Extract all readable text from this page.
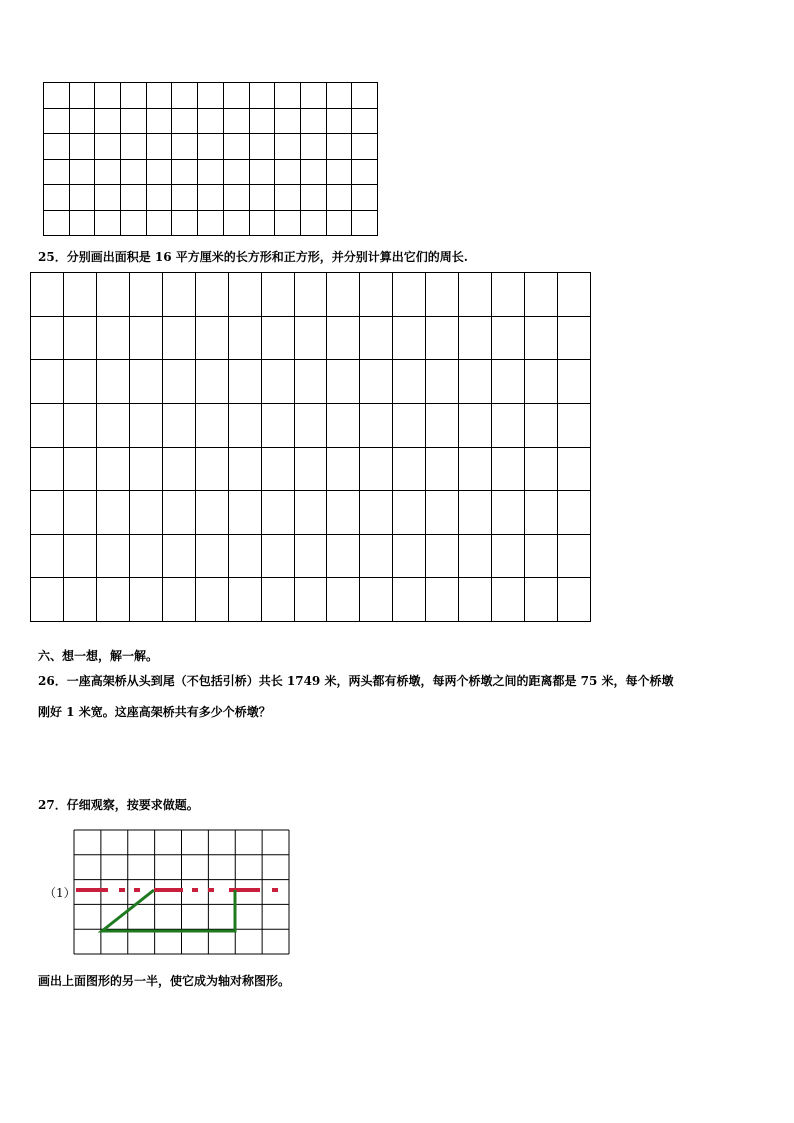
25．分别画出面积是 16 平方厘米的长方形和正方形，并分别计算出它们的周长.

六、想一想，解一解。
26．一座高架桥从头到尾（不包括引桥）共长 1749 米，两头都有桥墩，每两个桥墩之间的距离都是 75 米，每个桥墩
刚好 1 米宽。这座高架桥共有多少个桥墩？
27．仔细观察，按要求做题。
（1）
画出上面图形的另一半，使它成为轴对称图形。
